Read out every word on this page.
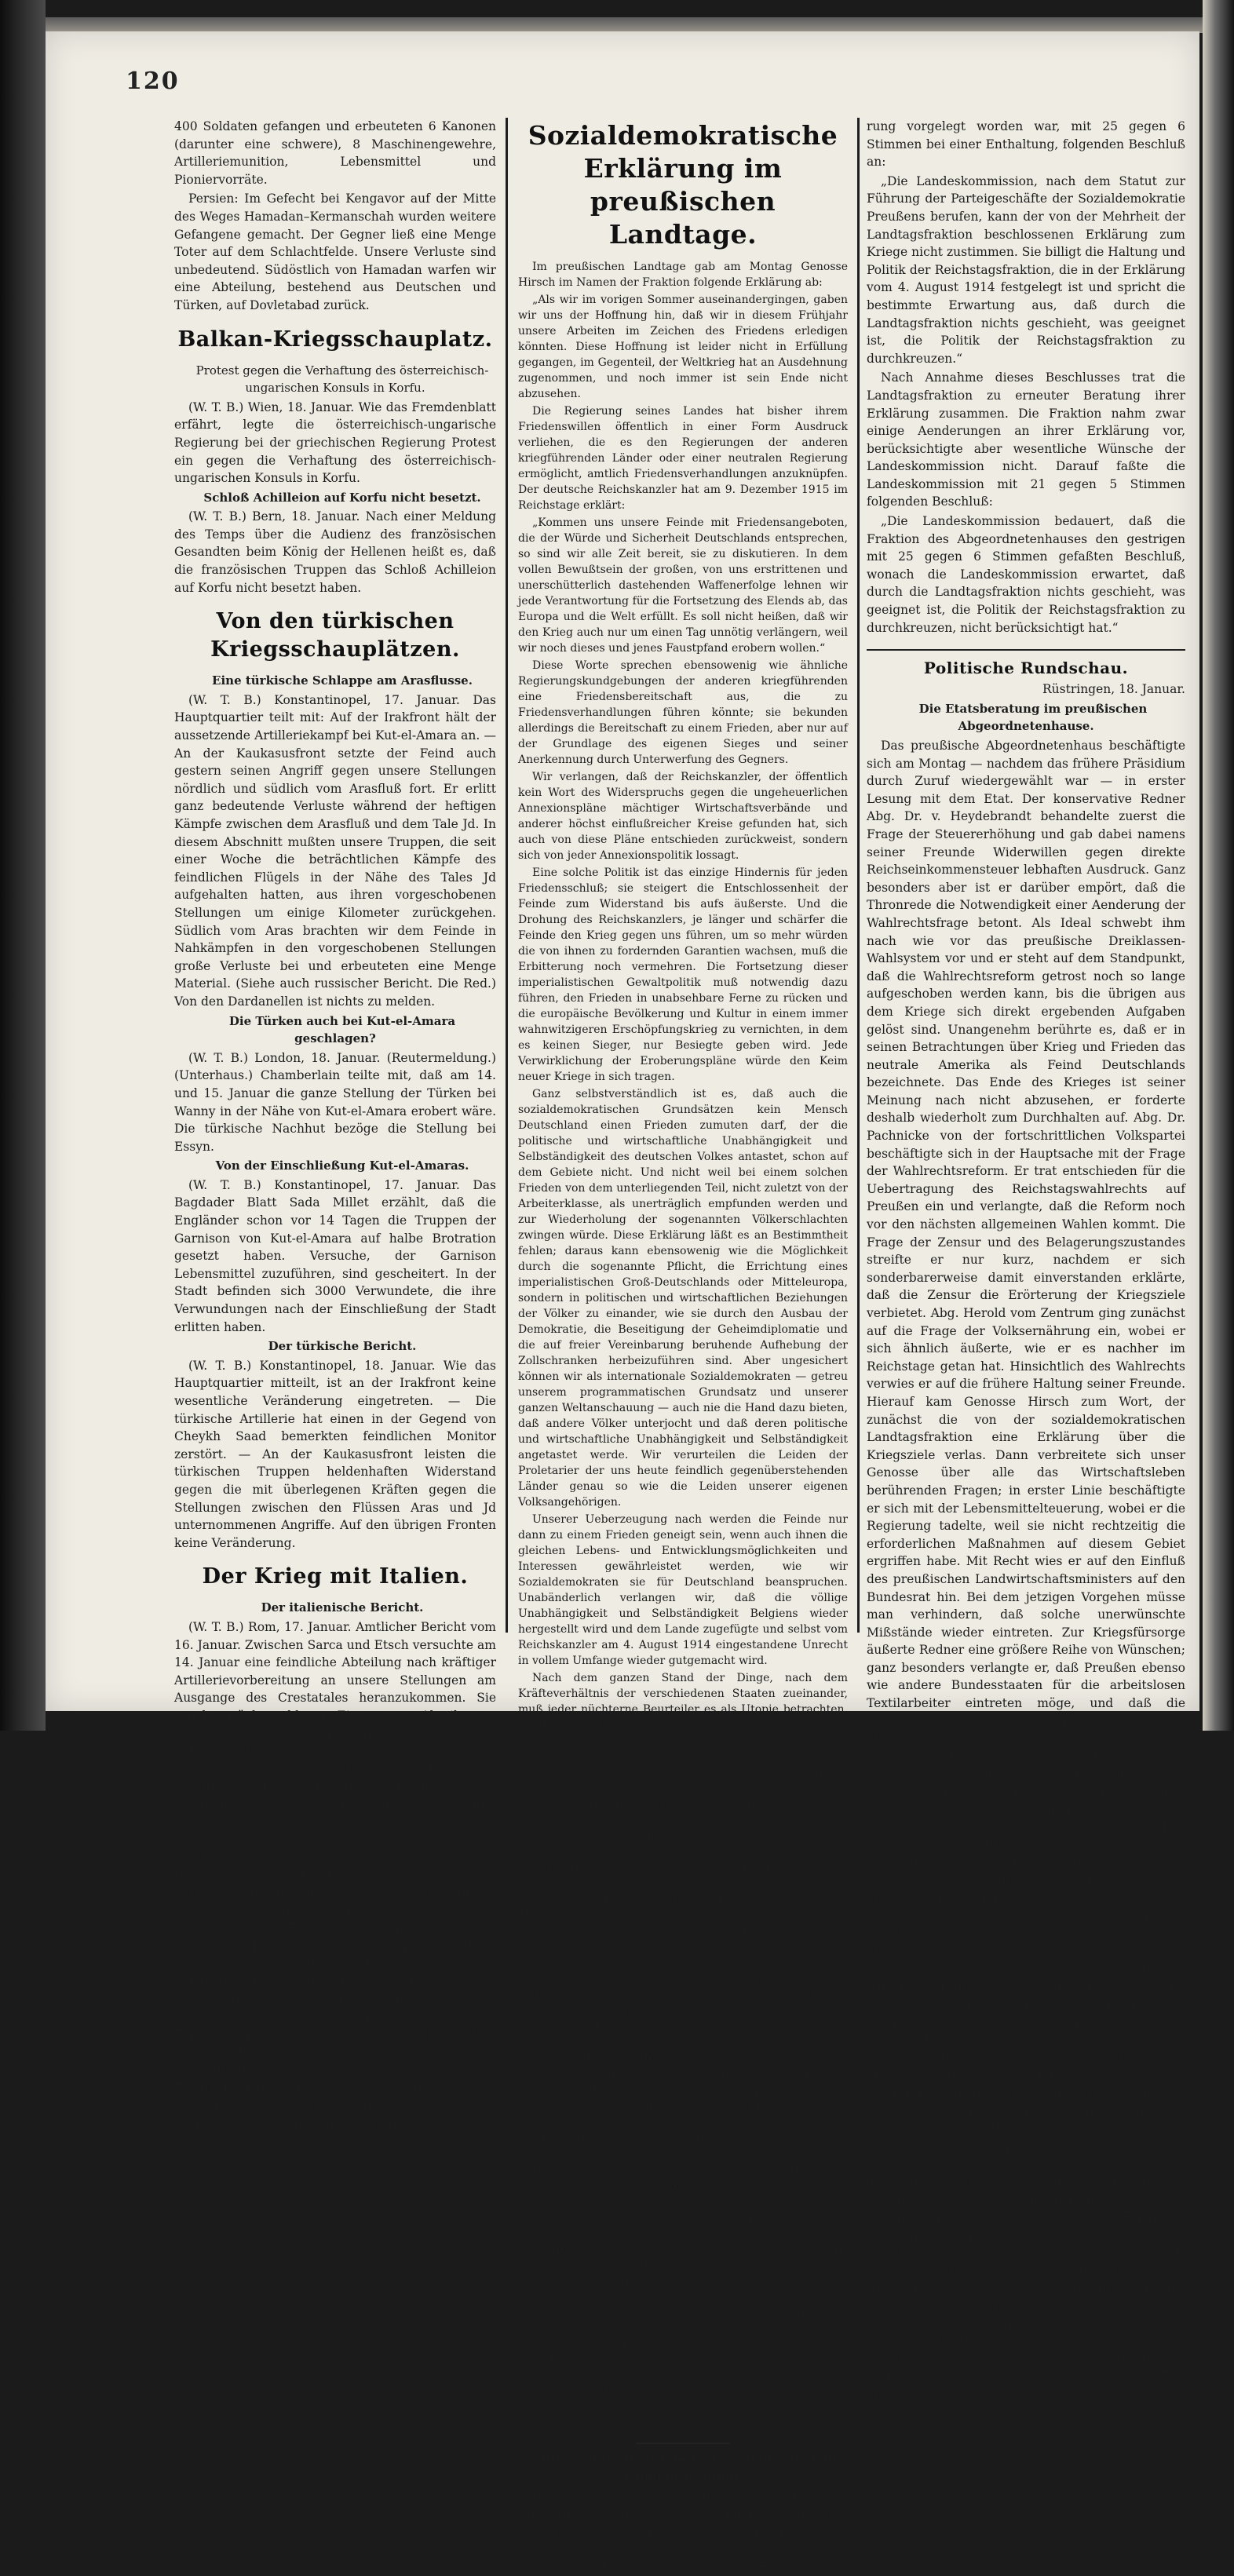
120

400 Soldaten gefangen und erbeuteten 6 Kanonen (darunter eine schwere), 8 Maschinengewehre, Artilleriemunition, Lebensmittel und Pioniervorräte.

Persien: Im Gefecht bei Kengavor auf der Mitte des Weges Hamadan–Kermanschah wurden weitere Gefangene gemacht. Der Gegner ließ eine Menge Toter auf dem Schlachtfelde. Unsere Verluste sind unbedeutend. Südöstlich von Hamadan warfen wir eine Abteilung, bestehend aus Deutschen und Türken, auf Dovletabad zurück.

Balkan-Kriegsschauplatz.

Protest gegen die Verhaftung des österreichisch-ungarischen Konsuls in Korfu.

(W. T. B.) Wien, 18. Januar. Wie das Fremdenblatt erfährt, legte die österreichisch-ungarische Regierung bei der griechischen Regierung Protest ein gegen die Verhaftung des österreichisch-ungarischen Konsuls in Korfu.

Schloß Achilleion auf Korfu nicht besetzt.

(W. T. B.) Bern, 18. Januar. Nach einer Meldung des Temps über die Audienz des französischen Gesandten beim König der Hellenen heißt es, daß die französischen Truppen das Schloß Achilleion auf Korfu nicht besetzt haben.

Von den türkischen Kriegsschauplätzen.

Eine türkische Schlappe am Arasflusse.

(W. T. B.) Konstantinopel, 17. Januar. Das Hauptquartier teilt mit: Auf der Irakfront hält der aussetzende Artilleriekampf bei Kut-el-Amara an. — An der Kaukasusfront setzte der Feind auch gestern seinen Angriff gegen unsere Stellungen nördlich und südlich vom Arasfluß fort. Er erlitt ganz bedeutende Verluste während der heftigen Kämpfe zwischen dem Arasfluß und dem Tale Jd. In diesem Abschnitt mußten unsere Truppen, die seit einer Woche die beträchtlichen Kämpfe des feindlichen Flügels in der Nähe des Tales Jd aufgehalten hatten, aus ihren vorgeschobenen Stellungen um einige Kilometer zurückgehen. Südlich vom Aras brachten wir dem Feinde in Nahkämpfen in den vorgeschobenen Stellungen große Verluste bei und erbeuteten eine Menge Material. (Siehe auch russischer Bericht. Die Red.) Von den Dardanellen ist nichts zu melden.

Die Türken auch bei Kut-el-Amara geschlagen?

(W. T. B.) London, 18. Januar. (Reutermeldung.) (Unterhaus.) Chamberlain teilte mit, daß am 14. und 15. Januar die ganze Stellung der Türken bei Wanny in der Nähe von Kut-el-Amara erobert wäre. Die türkische Nachhut bezöge die Stellung bei Essyn.

Von der Einschließung Kut-el-Amaras.

(W. T. B.) Konstantinopel, 17. Januar. Das Bagdader Blatt Sada Millet erzählt, daß die Engländer schon vor 14 Tagen die Truppen der Garnison von Kut-el-Amara auf halbe Brotration gesetzt haben. Versuche, der Garnison Lebensmittel zuzuführen, sind gescheitert. In der Stadt befinden sich 3000 Verwundete, die ihre Verwundungen nach der Einschließung der Stadt erlitten haben.

Der türkische Bericht.

(W. T. B.) Konstantinopel, 18. Januar. Wie das Hauptquartier mitteilt, ist an der Irakfront keine wesentliche Veränderung eingetreten. — Die türkische Artillerie hat einen in der Gegend von Cheykh Saad bemerkten feindlichen Monitor zerstört. — An der Kaukasusfront leisten die türkischen Truppen heldenhaften Widerstand gegen die mit überlegenen Kräften gegen die Stellungen zwischen den Flüssen Aras und Jd unternommenen Angriffe. Auf den übrigen Fronten keine Veränderung.

Der Krieg mit Italien.

Der italienische Bericht.

(W. T. B.) Rom, 17. Januar. Amtlicher Bericht vom 16. Januar. Zwischen Sarca und Etsch versuchte am 14. Januar eine feindliche Abteilung nach kräftiger Artillerievorbereitung an unsere Stellungen am Ausgange des Crestatales heranzukommen. Sie wurde zurückgeschlagen. Eine unserer Abteilungen besetzte das Inselchen im Loppio-See. Wohlgezielte Schüsse unserer Artillerie verursachten an demselben Tage eine Explosion eines feindlichen Munitionslagers in der Gegend von Ombretta am Oberlaufe des Flusses Ansiso und zersprengten eine feindliche Kolonne, welche die Straße nach Raibl im Seebachtale heranmarschierte. Auf den Höhen nordwestlich von Görz folgte auf die heftige Beschießung vom 12. Januar in der Nacht ein feindlicher Angriff mit bedeutenden Kräften gegen unsere Stellungen im Abschnitt zwischen Pevmica und Oslavija. Der Feind wurde beim ersten Angriff zurückgeschlagen, dann griff er mit verstärkten Kräften wieder an und konnte in einen unserer Schützengräben im Abschnitte zwischen Cote 188 und Oslavija eindringen. Am Morgen warfen jedoch unsere Truppen mit heftigem Gegenangriff den Feind jenseits Oslavia zurück, nahmen die Stellung wieder vollständig fest in Besitz, erbeuteten Waffen und Munition und machten einige Gefangene. Feindliche Flieger warfen Bomben auf Feltre und Cervignano. Niemand wurde verletzt. Der Sachschaden ist gering. gez. Cadorna.

Sozialdemokratische Erklärung im preußischen Landtage.

Im preußischen Landtage gab am Montag Genosse Hirsch im Namen der Fraktion folgende Erklärung ab:

„Als wir im vorigen Sommer auseinandergingen, gaben wir uns der Hoffnung hin, daß wir in diesem Frühjahr unsere Arbeiten im Zeichen des Friedens erledigen könnten. Diese Hoffnung ist leider nicht in Erfüllung gegangen, im Gegenteil, der Weltkrieg hat an Ausdehnung zugenommen, und noch immer ist sein Ende nicht abzusehen.

Die Regierung seines Landes hat bisher ihrem Friedenswillen öffentlich in einer Form Ausdruck verliehen, die es den Regierungen der anderen kriegführenden Länder oder einer neutralen Regierung ermöglicht, amtlich Friedensverhandlungen anzuknüpfen. Der deutsche Reichskanzler hat am 9. Dezember 1915 im Reichstage erklärt:

„Kommen uns unsere Feinde mit Friedensangeboten, die der Würde und Sicherheit Deutschlands entsprechen, so sind wir alle Zeit bereit, sie zu diskutieren. In dem vollen Bewußtsein der großen, von uns erstrittenen und unerschütterlich dastehenden Waffenerfolge lehnen wir jede Verantwortung für die Fortsetzung des Elends ab, das Europa und die Welt erfüllt. Es soll nicht heißen, daß wir den Krieg auch nur um einen Tag unnötig verlängern, weil wir noch dieses und jenes Faustpfand erobern wollen.“

Diese Worte sprechen ebensowenig wie ähnliche Regierungskundgebungen der anderen kriegführenden eine Friedensbereitschaft aus, die zu Friedensverhandlungen führen könnte; sie bekunden allerdings die Bereitschaft zu einem Frieden, aber nur auf der Grundlage des eigenen Sieges und seiner Anerkennung durch Unterwerfung des Gegners.

Wir verlangen, daß der Reichskanzler, der öffentlich kein Wort des Widerspruchs gegen die ungeheuerlichen Annexionspläne mächtiger Wirtschaftsverbände und anderer höchst einflußreicher Kreise gefunden hat, sich auch von diese Pläne entschieden zurückweist, sondern sich von jeder Annexionspolitik lossagt.

Eine solche Politik ist das einzige Hindernis für jeden Friedensschluß; sie steigert die Entschlossenheit der Feinde zum Widerstand bis aufs äußerste. Und die Drohung des Reichskanzlers, je länger und schärfer die Feinde den Krieg gegen uns führen, um so mehr würden die von ihnen zu fordernden Garantien wachsen, muß die Erbitterung noch vermehren. Die Fortsetzung dieser imperialistischen Gewaltpolitik muß notwendig dazu führen, den Frieden in unabsehbare Ferne zu rücken und die europäische Bevölkerung und Kultur in einem immer wahnwitzigeren Erschöpfungskrieg zu vernichten, in dem es keinen Sieger, nur Besiegte geben wird. Jede Verwirklichung der Eroberungspläne würde den Keim neuer Kriege in sich tragen.

Ganz selbstverständlich ist es, daß auch die sozialdemokratischen Grundsätzen kein Mensch Deutschland einen Frieden zumuten darf, der die politische und wirtschaftliche Unabhängigkeit und Selbständigkeit des deutschen Volkes antastet, schon auf dem Gebiete nicht. Und nicht weil bei einem solchen Frieden von dem unterliegenden Teil, nicht zuletzt von der Arbeiterklasse, als unerträglich empfunden werden und zur Wiederholung der sogenannten Völkerschlachten zwingen würde. Diese Erklärung läßt es an Bestimmtheit fehlen; daraus kann ebensowenig wie die Möglichkeit durch die sogenannte Pflicht, die Errichtung eines imperialistischen Groß-Deutschlands oder Mitteleuropa, sondern in politischen und wirtschaftlichen Beziehungen der Völker zu einander, wie sie durch den Ausbau der Demokratie, die Beseitigung der Geheimdiplomatie und die auf freier Vereinbarung beruhende Aufhebung der Zollschranken herbeizuführen sind. Aber ungesichert können wir als internationale Sozialdemokraten — getreu unserem programmatischen Grundsatz und unserer ganzen Weltanschauung — auch nie die Hand dazu bieten, daß andere Völker unterjocht und daß deren politische und wirtschaftliche Unabhängigkeit und Selbständigkeit angetastet werde. Wir verurteilen die Leiden der Proletarier der uns heute feindlich gegenüberstehenden Länder genau so wie die Leiden unserer eigenen Volksangehörigen.

Unserer Ueberzeugung nach werden die Feinde nur dann zu einem Frieden geneigt sein, wenn auch ihnen die gleichen Lebens- und Entwicklungsmöglichkeiten und Interessen gewährleistet werden, wie wir Sozialdemokraten sie für Deutschland beanspruchen. Unabänderlich verlangen wir, daß die völlige Unabhängigkeit und Selbständigkeit Belgiens wieder hergestellt wird und dem Lande zugefügte und selbst vom Reichskanzler am 4. August 1914 eingestandene Unrecht in vollem Umfange wieder gutgemacht wird.

Nach dem ganzen Stand der Dinge, nach dem Kräfteverhältnis der verschiedenen Staaten zueinander, muß jeder nüchterne Beurteiler es als Utopie betrachten, zu glauben, daß von der einen oder der anderen Seite ein Sieg errungen werden kann, der es ihr möglich wäre, dem Gegner die Friedensbedingungen zu diktieren.

In keinem Lande hat das Volk den Krieg gewollt. In allen Ländern heischen die Massen immer ungestümer, daß dem entsetzlichen Blutvergießen ein Ende gemacht und der unerhörten Zerrüttung des Volkswohlstandes ein Halt geboten werde. Unübersehbar sind die Opfer, die die Völker sich jetzt gebracht haben. Jeder Tag fügt das Meer von Blut und Tränen anschwellen. Sind sich die, die den Krieg heraufbeschworen haben, die furchtbare Maß der Schuld gegenüber dem ganzen Volke wie der gesamten Menschheit tragen, ihrer Verantwortung bewußt? Graut ihnen nicht vor weiterer Ausdehnung der ungeheuren Erbitterung, die jede Verlängerung des Krieges zwar wird?

Wenn die Regierungen der kriegführenden Länder heute noch nicht von einem Frieden wissen wollen, so stehen sie damit nicht nur in schärfsten Widerspruch zu der großen Masse des Volkes aller Nationen, das nichts sehnlicher herbeiwünscht, als den Tag, an dem es sich wieder friedlicher Kulturarbeit widmen kann.

Millionen blühender Menschenleben sind vernichtet, weitere Millionen zeitlebens verkrüppelt oder mit schleichendem Siechtum behaftet. Zahllose Existenzen sind zerstört. In einigen Monaten ist die Kultur eines Jahrhunderts zerrüttet, und es wird Jahrzehnte dauern, bis das Zertrümmerte wieder aufgebaut ist.

Die Regierung, die auch jetzt noch nicht die Hand zum Frieden bietet, häuft dadurch das furchtbare Maß der Schuld gegenüber dem eigenen Volke wie der gesamten Menschheit. Wir verlangen daher, daß die deutsche Regierung vor den anderen Länder vorangeht, ihre Eroberungspläne aufgibt und damit die Bahn öffnet für den einzigen, den Interessen der Menschheit dienenden Frieden. Der Ausbruch und die Verlauf des Krieges hat vor aller Welt das imperialistische Gewaltsystem gebrandmarkt. Nicht durch die Macht der Bajonette, nicht durch Eroberungen und Vergewaltigungen, nicht durch das Aufwerfen neuer Gegensätze, sondern nur durch die Gestaltung neuer Länder kann der dauernde Friede und die Kultur geschaffen werden. Unsere Partei steht zu den Grundsätzen allein durch die bewußte, opfer- und kampfbereite Interessensolidarität der Proletarier aller Länder.

Die preußische Landeskommission gegen die Landtagsfraktion.

Die Landeskommission der Sozialdemokratie Preußens, die am 14. und 15. Januar 1916 tagte, beschäftigte sich mit der politischen Situation in Preußen und nahm, nachdem ihr die von der Fraktion zur Etatberatung formulierte Erklä-

rung vorgelegt worden war, mit 25 gegen 6 Stimmen bei einer Enthaltung, folgenden Beschluß an:

„Die Landeskommission, nach dem Statut zur Führung der Parteigeschäfte der Sozialdemokratie Preußens berufen, kann der von der Mehrheit der Landtagsfraktion beschlossenen Erklärung zum Kriege nicht zustimmen. Sie billigt die Haltung und Politik der Reichstagsfraktion, die in der Erklärung vom 4. August 1914 festgelegt ist und spricht die bestimmte Erwartung aus, daß durch die Landtagsfraktion nichts geschieht, was geeignet ist, die Politik der Reichstagsfraktion zu durchkreuzen.“

Nach Annahme dieses Beschlusses trat die Landtagsfraktion zu erneuter Beratung ihrer Erklärung zusammen. Die Fraktion nahm zwar einige Aenderungen an ihrer Erklärung vor, berücksichtigte aber wesentliche Wünsche der Landeskommission nicht. Darauf faßte die Landeskommission mit 21 gegen 5 Stimmen folgenden Beschluß:

„Die Landeskommission bedauert, daß die Fraktion des Abgeordnetenhauses den gestrigen mit 25 gegen 6 Stimmen gefaßten Beschluß, wonach die Landeskommission erwartet, daß durch die Landtagsfraktion nichts geschieht, was geeignet ist, die Politik der Reichstagsfraktion zu durchkreuzen, nicht berücksichtigt hat.“

Politische Rundschau.

Rüstringen, 18. Januar.

Die Etatsberatung im preußischen Abgeordnetenhause.

Das preußische Abgeordnetenhaus beschäftigte sich am Montag — nachdem das frühere Präsidium durch Zuruf wiedergewählt war — in erster Lesung mit dem Etat. Der konservative Redner Abg. Dr. v. Heydebrandt behandelte zuerst die Frage der Steuererhöhung und gab dabei namens seiner Freunde Widerwillen gegen direkte Reichseinkommensteuer lebhaften Ausdruck. Ganz besonders aber ist er darüber empört, daß die Thronrede die Notwendigkeit einer Aenderung der Wahlrechtsfrage betont. Als Ideal schwebt ihm nach wie vor das preußische Dreiklassen-Wahlsystem vor und er steht auf dem Standpunkt, daß die Wahlrechtsreform getrost noch so lange aufgeschoben werden kann, bis die übrigen aus dem Kriege sich direkt ergebenden Aufgaben gelöst sind. Unangenehm berührte es, daß er in seinen Betrachtungen über Krieg und Frieden das neutrale Amerika als Feind Deutschlands bezeichnete. Das Ende des Krieges ist seiner Meinung nach nicht abzusehen, er forderte deshalb wiederholt zum Durchhalten auf. Abg. Dr. Pachnicke von der fortschrittlichen Volkspartei beschäftigte sich in der Hauptsache mit der Frage der Wahlrechtsreform. Er trat entschieden für die Uebertragung des Reichstagswahlrechts auf Preußen ein und verlangte, daß die Reform noch vor den nächsten allgemeinen Wahlen kommt. Die Frage der Zensur und des Belagerungszustandes streifte er nur kurz, nachdem er sich sonderbarerweise damit einverstanden erklärte, daß die Zensur die Erörterung der Kriegsziele verbietet. Abg. Herold vom Zentrum ging zunächst auf die Frage der Volksernährung ein, wobei er sich ähnlich äußerte, wie er es nachher im Reichstage getan hat. Hinsichtlich des Wahlrechts verwies er auf die frühere Haltung seiner Freunde. Hierauf kam Genosse Hirsch zum Wort, der zunächst die von der sozialdemokratischen Landtagsfraktion eine Erklärung über die Kriegsziele verlas. Dann verbreitete sich unser Genosse über alle das Wirtschaftsleben berührenden Fragen; in erster Linie beschäftigte er sich mit der Lebensmittelteuerung, wobei er die Regierung tadelte, weil sie nicht rechtzeitig die erforderlichen Maßnahmen auf diesem Gebiet ergriffen habe. Mit Recht wies er auf den Einfluß des preußischen Landwirtschaftsministers auf den Bundesrat hin. Bei dem jetzigen Vorgehen müsse man verhindern, daß solche unerwünschte Mißstände wieder eintreten. Zur Kriegsfürsorge äußerte Redner eine größere Reihe von Wünschen; ganz besonders verlangte er, daß Preußen ebenso wie andere Bundesstaaten für die arbeitslosen Textilarbeiter eintreten möge, und daß die Regierung bereits heute Maßnahmen ergreife, wie dem nach dem Kriege eintretenden Wohnungsmangel und der Arbeitslosigkeit zu begegnen sei. Mit dem Grundgedanken der Steuerzuschläge erklärte sich Redner einverstanden, forderte aber eine stärkere Schonung der kleinen Einkommen. Schließlich ging Genosse Hirsch auf die eigentlichen Verwaltungsfragen ein. Verlangt wurde die Beseitigung einer Reihe von Gesetzen, vor allem der Gesindeordnung, ferner die Abkehr von der Polen- und Dänen-Politik und die sofortige Einführung des allgemeinen, gleichen, direkten und geheimen Wahlrechts. Der Minister des Innern v. Loebell polemisierte gegen die Ausführungen Hirschs über die Kriegsziele und gab die Erklärung ab, daß die Regierung erst nach dem Kriege das Wahlgesetz zu ändern beabsichtige. Die Regierung wolle nicht unnötig die Gegensätze zwischen den Parteien aufwühlen. Auch die Polenpolitik werde nicht geändert werden, doch hoffe sie, daß sich die Polen mit einer entgegenkommenden Haltung der Regierung begnügen. Die sozialdemokratische Partei werde hoffentlich auch im Frieden den Weg wieder gehen, den sie bei Kriegsausbruch zum Segen Deutschlands beschritten habe. Geschehe das, dann werde die Partei ihren Platz auf dem Boden des Staatsgedankens und an der Seite der anderen Parteien suchen und finden. Dr. Friedberg (natl.) polemisierte gegen die sozialdemokratische Friedensprogramm, wobei er Belgiens Zukunft erörterte und sich auf die Seite der Abg. v. Heydebrandt stellte. Auch der Anregung unseres Genossen, Maßnahmen zur Vorbeugung einer Wohnungsnot zu ergreifen, stimmte er zu. Hinsichtlich des Wahlrechts vertrat er den Standpunkt, den seine Freunde bereits in der vorherigen Session vertreten haben, daß die Zeit des Kriegszustandes
